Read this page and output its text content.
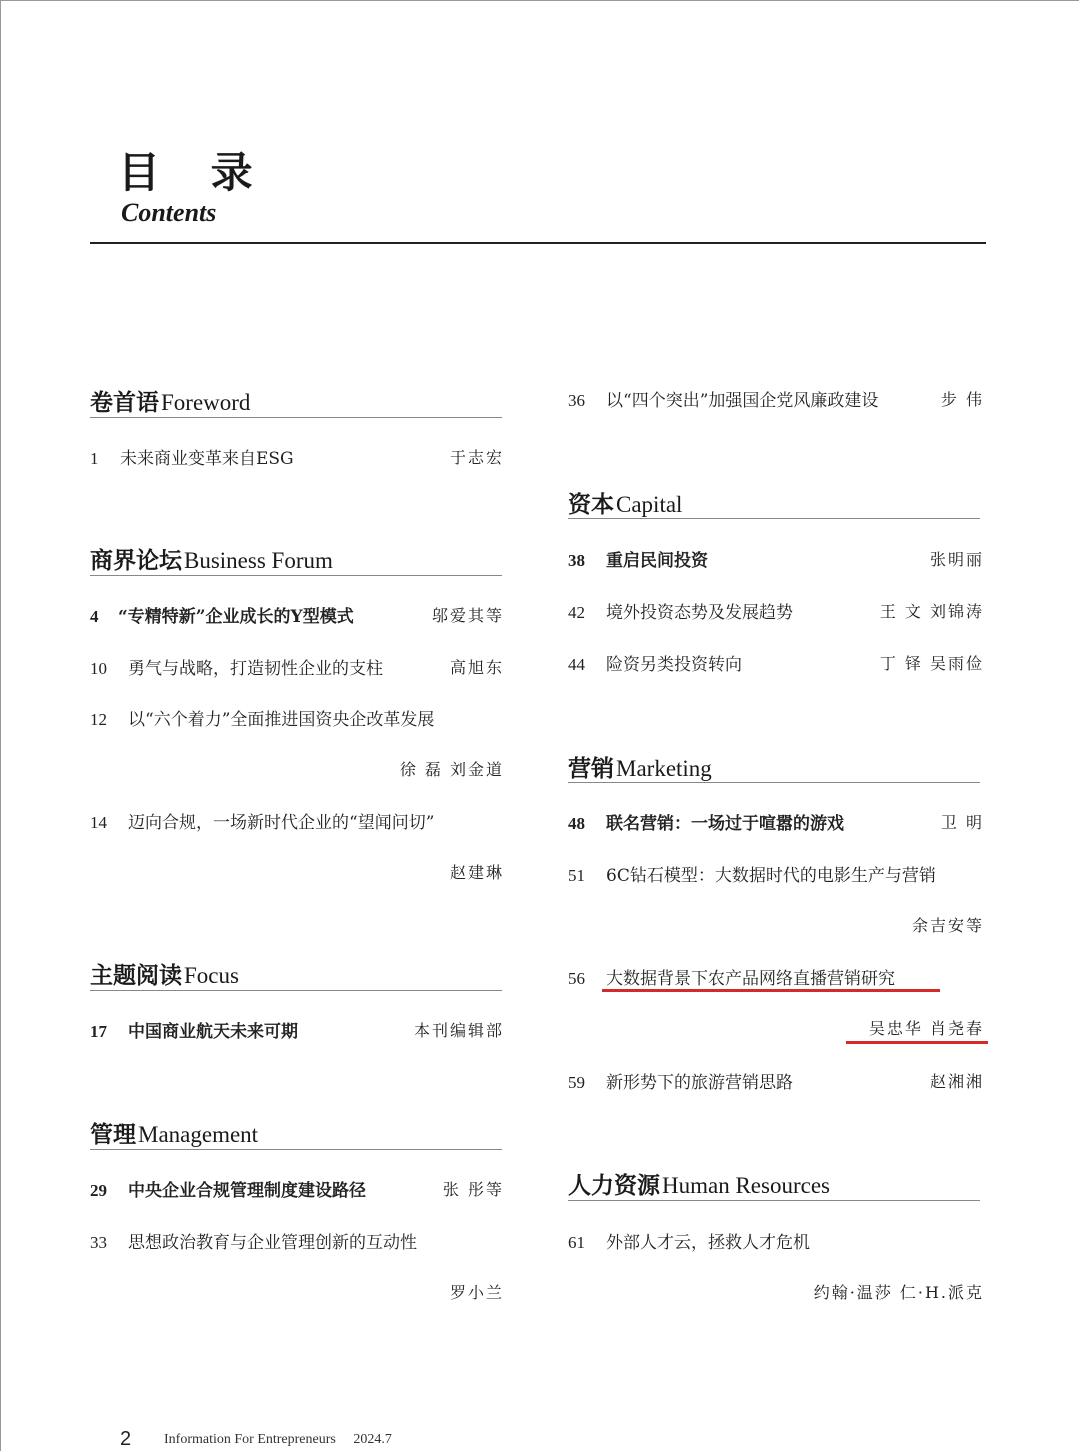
目 录
Contents
卷首语Foreword
1 未来商业变革来自ESG	于志宏
商界论坛Business Forum
4 “专精特新”企业成长的Y型模式	邬爱其等
10 勇气与战略，打造韧性企业的支柱	高旭东
12 以“六个着力”全面推进国资央企改革发展
徐 磊 刘金道
14 迈向合规，一场新时代企业的“望闻问切”
赵建琳
主题阅读Focus
17 中国商业航天未来可期	本刊编辑部
管理Management
29 中央企业合规管理制度建设路径	张 彤等
33 思想政治教育与企业管理创新的互动性
罗小兰
36 以“四个突出”加强国企党风廉政建设	步 伟
资本Capital
38 重启民间投资	张明丽
42 境外投资态势及发展趋势	王 文 刘锦涛
44 险资另类投资转向	丁 铎 吴雨俭
营销Marketing
48 联名营销：一场过于喧嚣的游戏	卫 明
51 6C钻石模型：大数据时代的电影生产与营销
余吉安等
56 大数据背景下农产品网络直播营销研究
吴忠华 肖尧春
59 新形势下的旅游营销思路	赵湘湘
人力资源Human Resources
61 外部人才云，拯救人才危机
约翰·温莎 仁·H.派克
2 Information For Entrepreneurs 2024.7
